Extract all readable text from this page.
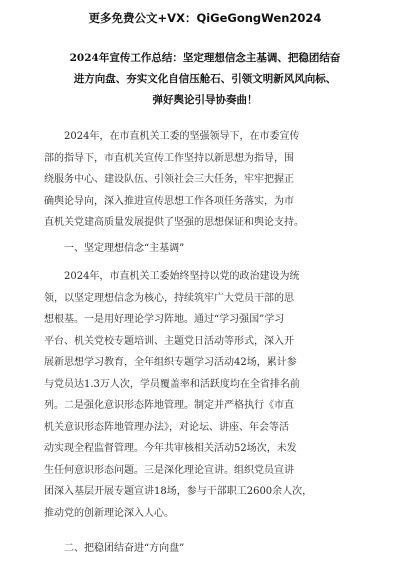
更多免费公文+VX：QiGeGongWen2024
2024年宣传工作总结：坚定理想信念主基调、把稳团结奋
进方向盘、夯实文化自信压舱石、引领文明新风风向标、
弹好舆论引导协奏曲！
　　2024年，在市直机关工委的坚强领导下，在市委宣传
部的指导下，市直机关宣传工作坚持以新思想为指导，围
绕服务中心、建设队伍、引领社会三大任务，牢牢把握正
确舆论导向，深入推进宣传思想工作各项任务落实，为市
直机关党建高质量发展提供了坚强的思想保证和舆论支持。
　　一、坚定理想信念“主基调”
　　2024年，市直机关工委始终坚持以党的政治建设为统
领，以坚定理想信念为核心，持续筑牢广大党员干部的思
想根基。一是用好理论学习阵地。通过“学习强国”学习
平台、机关党校专题培训、主题党日活动等形式，深入开
展新思想学习教育，全年组织专题学习活动42场，累计参
与党员达1.3万人次，学员覆盖率和活跃度均在全省排名前
列。二是强化意识形态阵地管理。制定并严格执行《市直
机关意识形态阵地管理办法》，对论坛、讲座、年会等活
动实现全程监督管理。今年共审核相关活动52场次，未发
生任何意识形态问题。三是深化理论宣讲。组织党员宣讲
团深入基层开展专题宣讲18场，参与干部职工2600余人次，
推动党的创新理论深入人心。
　　二、把稳团结奋进“方向盘”
